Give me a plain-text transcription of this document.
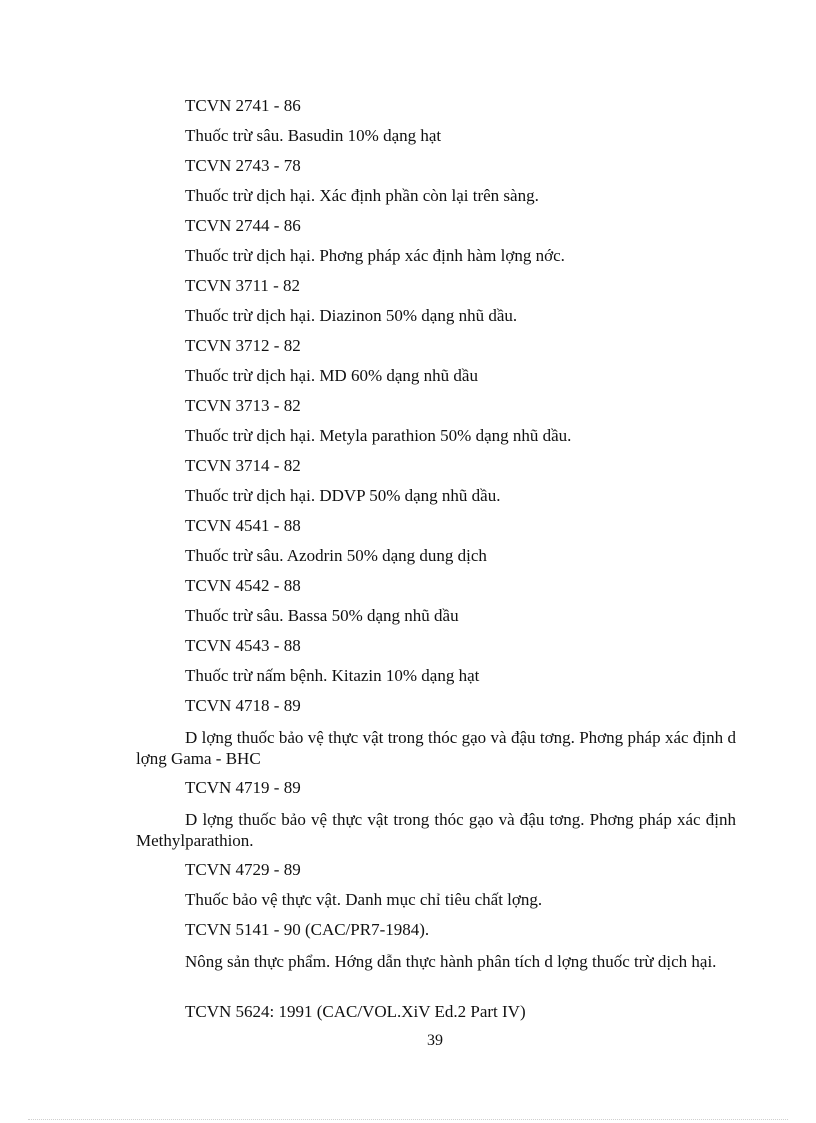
TCVN 2741 - 86
Thuốc trừ sâu. Basudin 10% dạng hạt
TCVN 2743 - 78
Thuốc trừ dịch hại. Xác định phần còn lại trên sàng.
TCVN 2744 - 86
Thuốc trừ dịch hại. Phơng pháp xác định hàm lợng nớc.
TCVN 3711 - 82
Thuốc trừ dịch hại. Diazinon 50% dạng nhũ dầu.
TCVN 3712 - 82
Thuốc trừ dịch hại. MD 60% dạng nhũ dầu
TCVN 3713 - 82
Thuốc trừ dịch hại. Metyla parathion 50% dạng nhũ dầu.
TCVN 3714 - 82
Thuốc trừ dịch hại. DDVP 50% dạng nhũ dầu.
TCVN 4541 - 88
Thuốc trừ sâu. Azodrin 50% dạng dung dịch
TCVN 4542 - 88
Thuốc trừ sâu. Bassa 50% dạng nhũ dầu
TCVN 4543 - 88
Thuốc trừ nấm bệnh. Kitazin 10% dạng hạt
TCVN 4718 - 89
D lợng thuốc bảo vệ thực vật trong thóc gạo và đậu tơng. Phơng pháp xác định d lợng Gama - BHC
TCVN 4719 - 89
D lợng thuốc bảo vệ thực vật trong thóc gạo và đậu tơng. Phơng pháp xác định Methylparathion.
TCVN 4729 - 89
Thuốc bảo vệ thực vật. Danh mục chỉ tiêu chất lợng.
TCVN 5141 - 90 (CAC/PR7-1984).
Nông sản thực phẩm. Hớng dẫn thực hành phân tích d lợng thuốc trừ dịch hại.
TCVN 5624: 1991 (CAC/VOL.XiV Ed.2 Part IV)
39
